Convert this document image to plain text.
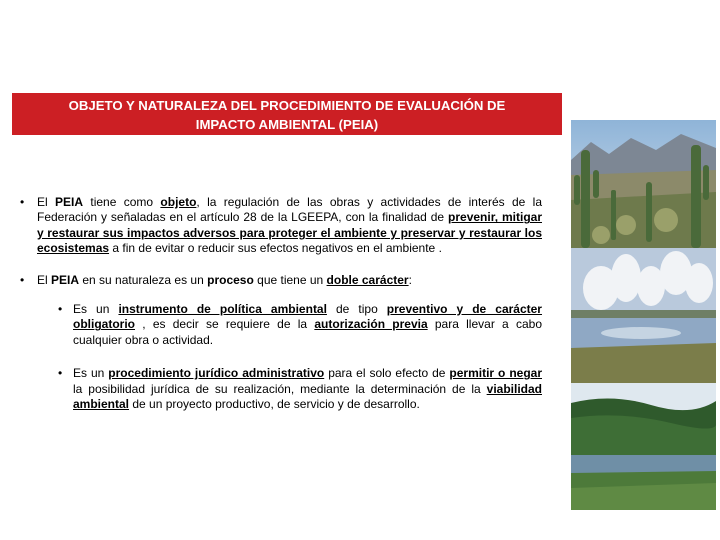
OBJETO Y NATURALEZA DEL PROCEDIMIENTO DE EVALUACIÓN DE
IMPACTO AMBIENTAL (PEIA)
• El PEIA tiene como objeto, la regulación de las obras y actividades de interés de la Federación y señaladas en el artículo 28 de la LGEEPA, con la finalidad de prevenir, mitigar y restaurar sus impactos adversos para proteger el ambiente y preservar y restaurar los ecosistemas a fin de evitar o reducir sus efectos negativos en el ambiente .
• El PEIA en su naturaleza es un proceso que tiene un doble carácter:
• Es un instrumento de política ambiental de tipo preventivo y de carácter obligatorio , es decir se requiere de la autorización previa para llevar a cabo cualquier obra o actividad.
• Es un procedimiento jurídico administrativo para el solo efecto de permitir o negar la posibilidad jurídica de su realización, mediante la determinación de la viabilidad ambiental de un proyecto productivo, de servicio y de desarrollo.
